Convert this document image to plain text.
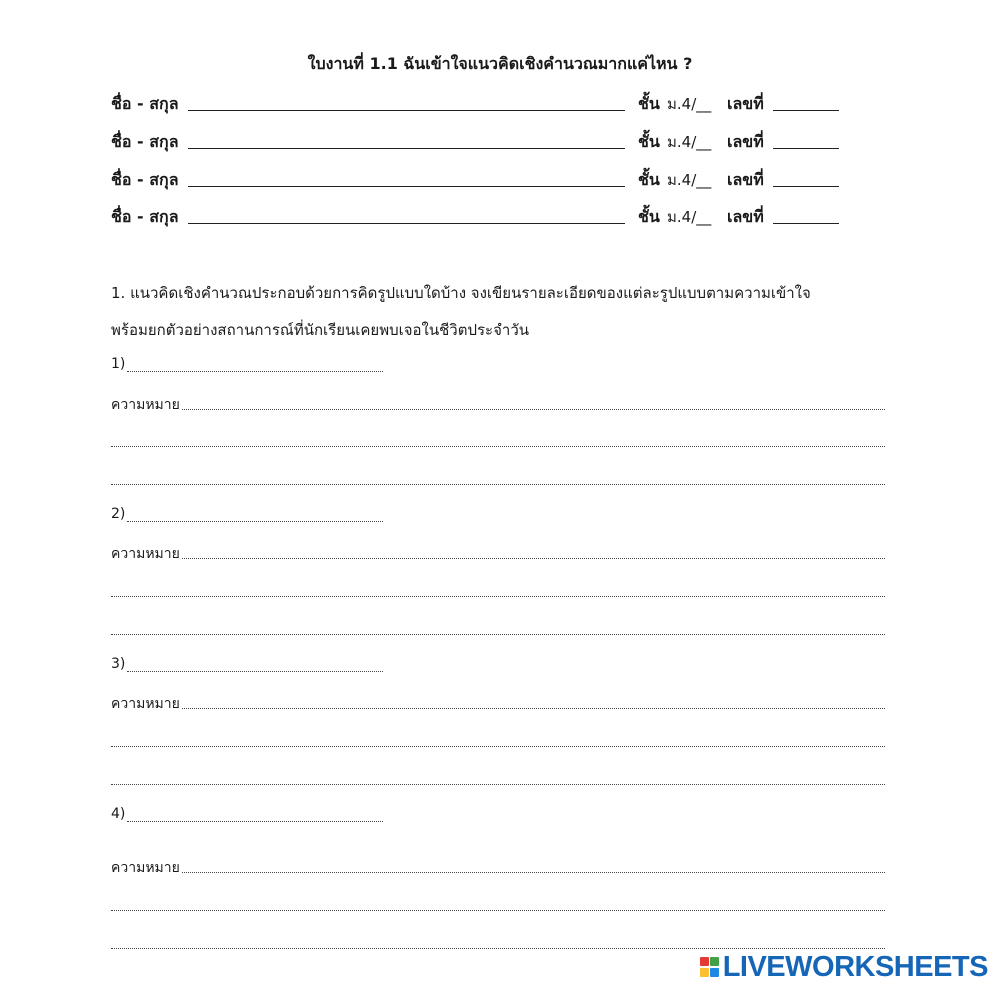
ใบงานที่ 1.1 ฉันเข้าใจแนวคิดเชิงคำนวณมากแค่ไหน ?
ชื่อ - สกุล	ชั้น ม.4/__ เลขที่
ชื่อ - สกุล	ชั้น ม.4/__ เลขที่
ชื่อ - สกุล	ชั้น ม.4/__ เลขที่
ชื่อ - สกุล	ชั้น ม.4/__ เลขที่
1. แนวคิดเชิงคำนวณประกอบด้วยการคิดรูปแบบใดบ้าง จงเขียนรายละเอียดของแต่ละรูปแบบตามความเข้าใจ
พร้อมยกตัวอย่างสถานการณ์ที่นักเรียนเคยพบเจอในชีวิตประจำวัน
1)
ความหมาย
2)
ความหมาย
3)
ความหมาย
4)
ความหมาย
LIVEWORKSHEETS
